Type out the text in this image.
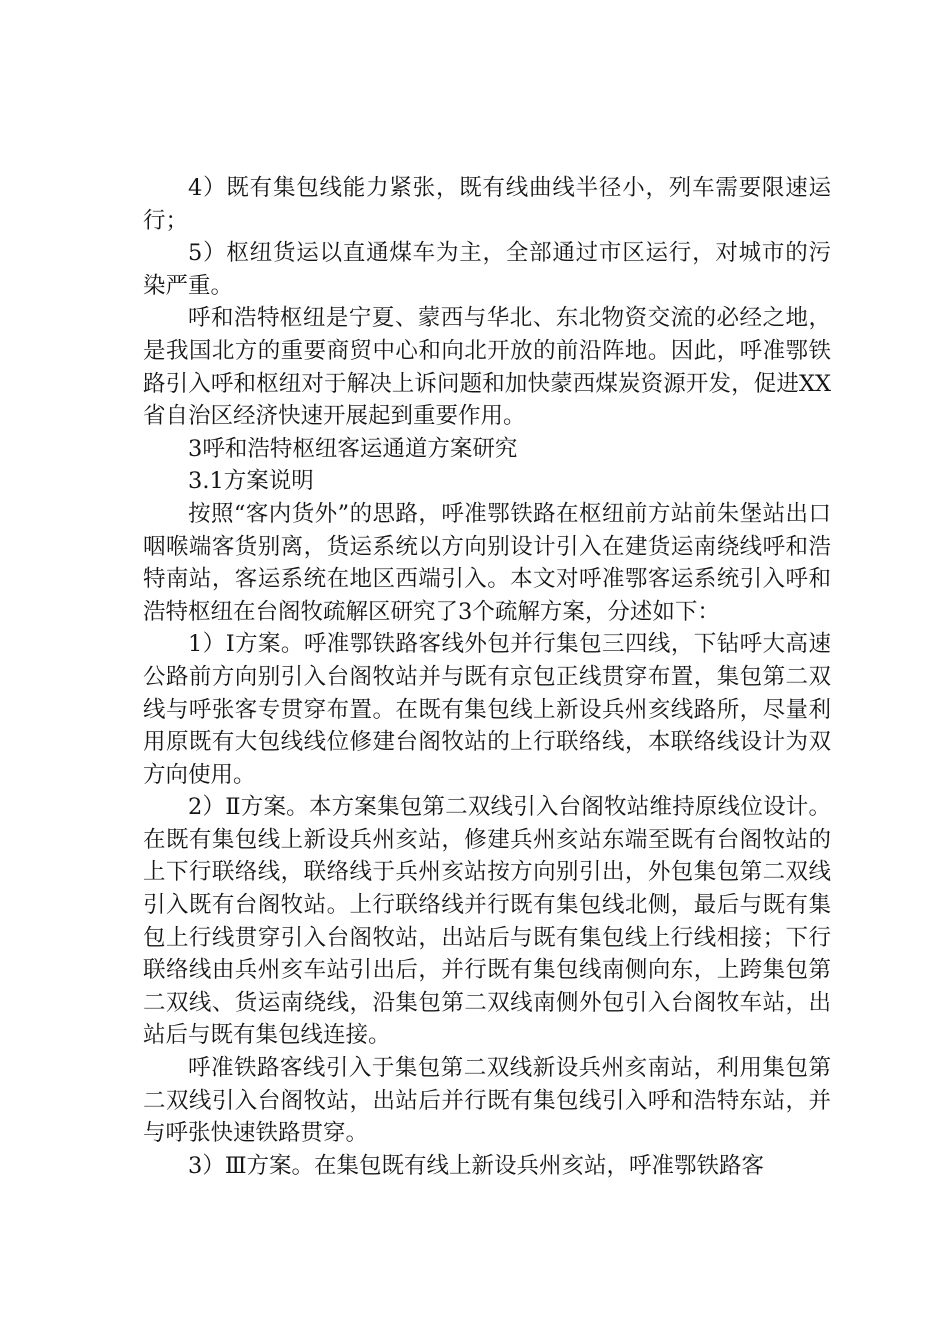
4）既有集包线能力紧张，既有线曲线半径小，列车需要限速运行；

5）枢纽货运以直通煤车为主，全部通过市区运行，对城市的污染严重。

呼和浩特枢纽是宁夏、蒙西与华北、东北物资交流的必经之地，是我国北方的重要商贸中心和向北开放的前沿阵地。因此，呼准鄂铁路引入呼和枢纽对于解决上诉问题和加快蒙西煤炭资源开发，促进XX省自治区经济快速开展起到重要作用。

3呼和浩特枢纽客运通道方案研究

3.1方案说明

按照“客内货外”的思路，呼准鄂铁路在枢纽前方站前朱堡站出口咽喉端客货别离，货运系统以方向别设计引入在建货运南绕线呼和浩特南站，客运系统在地区西端引入。本文对呼准鄂客运系统引入呼和浩特枢纽在台阁牧疏解区研究了3个疏解方案，分述如下：

1）Ⅰ方案。呼准鄂铁路客线外包并行集包三四线，下钻呼大高速公路前方向别引入台阁牧站并与既有京包正线贯穿布置，集包第二双线与呼张客专贯穿布置。在既有集包线上新设兵州亥线路所，尽量利用原既有大包线线位修建台阁牧站的上行联络线，本联络线设计为双方向使用。

2）Ⅱ方案。本方案集包第二双线引入台阁牧站维持原线位设计。在既有集包线上新设兵州亥站，修建兵州亥站东端至既有台阁牧站的上下行联络线，联络线于兵州亥站按方向别引出，外包集包第二双线引入既有台阁牧站。上行联络线并行既有集包线北侧，最后与既有集包上行线贯穿引入台阁牧站，出站后与既有集包线上行线相接；下行联络线由兵州亥车站引出后，并行既有集包线南侧向东，上跨集包第二双线、货运南绕线，沿集包第二双线南侧外包引入台阁牧车站，出站后与既有集包线连接。

呼准铁路客线引入于集包第二双线新设兵州亥南站，利用集包第二双线引入台阁牧站，出站后并行既有集包线引入呼和浩特东站，并与呼张快速铁路贯穿。

3）Ⅲ方案。在集包既有线上新设兵州亥站，呼准鄂铁路客
